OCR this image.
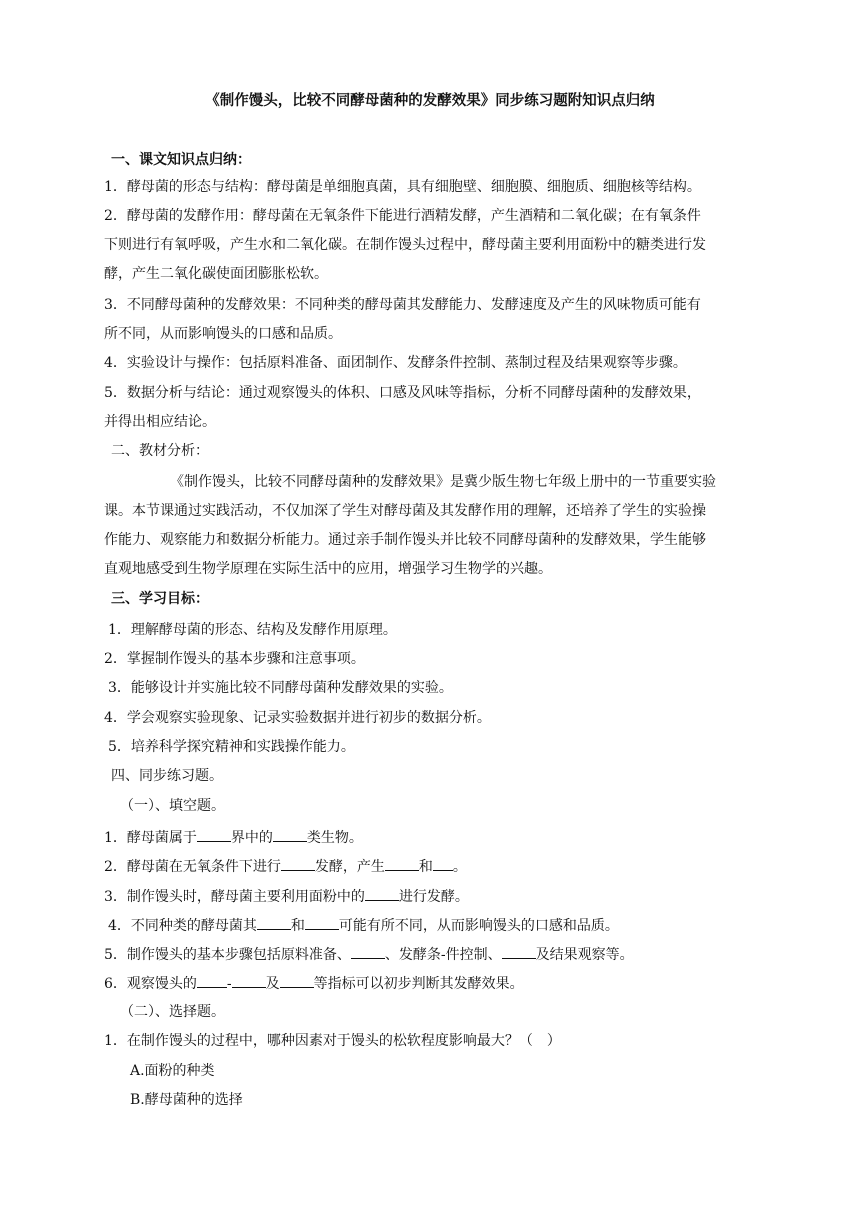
《制作馒头，比较不同酵母菌种的发酵效果》同步练习题附知识点归纳
一、课文知识点归纳：
1．酵母菌的形态与结构：酵母菌是单细胞真菌，具有细胞壁、细胞膜、细胞质、细胞核等结构。
2．酵母菌的发酵作用：酵母菌在无氧条件下能进行酒精发酵，产生酒精和二氧化碳；在有氧条件
下则进行有氧呼吸，产生水和二氧化碳。在制作馒头过程中，酵母菌主要利用面粉中的糖类进行发
酵，产生二氧化碳使面团膨胀松软。
3．不同酵母菌种的发酵效果：不同种类的酵母菌其发酵能力、发酵速度及产生的风味物质可能有
所不同，从而影响馒头的口感和品质。
4．实验设计与操作：包括原料准备、面团制作、发酵条件控制、蒸制过程及结果观察等步骤。
5．数据分析与结论：通过观察馒头的体积、口感及风味等指标，分析不同酵母菌种的发酵效果，
并得出相应结论。
二、教材分析：
《制作馒头，比较不同酵母菌种的发酵效果》是冀少版生物七年级上册中的一节重要实验
课。本节课通过实践活动，不仅加深了学生对酵母菌及其发酵作用的理解，还培养了学生的实验操
作能力、观察能力和数据分析能力。通过亲手制作馒头并比较不同酵母菌种的发酵效果，学生能够
直观地感受到生物学原理在实际生活中的应用，增强学习生物学的兴趣。
三、学习目标：
1．理解酵母菌的形态、结构及发酵作用原理。
2．掌握制作馒头的基本步骤和注意事项。
3．能够设计并实施比较不同酵母菌种发酵效果的实验。
4．学会观察实验现象、记录实验数据并进行初步的数据分析。
5．培养科学探究精神和实践操作能力。
四、同步练习题。
（一）、填空题。
1．酵母菌属于 界中的 类生物。
2．酵母菌在无氧条件下进行 发酵，产生 和 。
3．制作馒头时，酵母菌主要利用面粉中的 进行发酵。
4．不同种类的酵母菌其 和 可能有所不同，从而影响馒头的口感和品质。
5．制作馒头的基本步骤包括原料准备、 、发酵条-件控制、 及结果观察等。
6．观察馒头的 - 及 等指标可以初步判断其发酵效果。
（二）、选择题。
1．在制作馒头的过程中，哪种因素对于馒头的松软程度影响最大？（　）
A.面粉的种类
B.酵母菌种的选择
